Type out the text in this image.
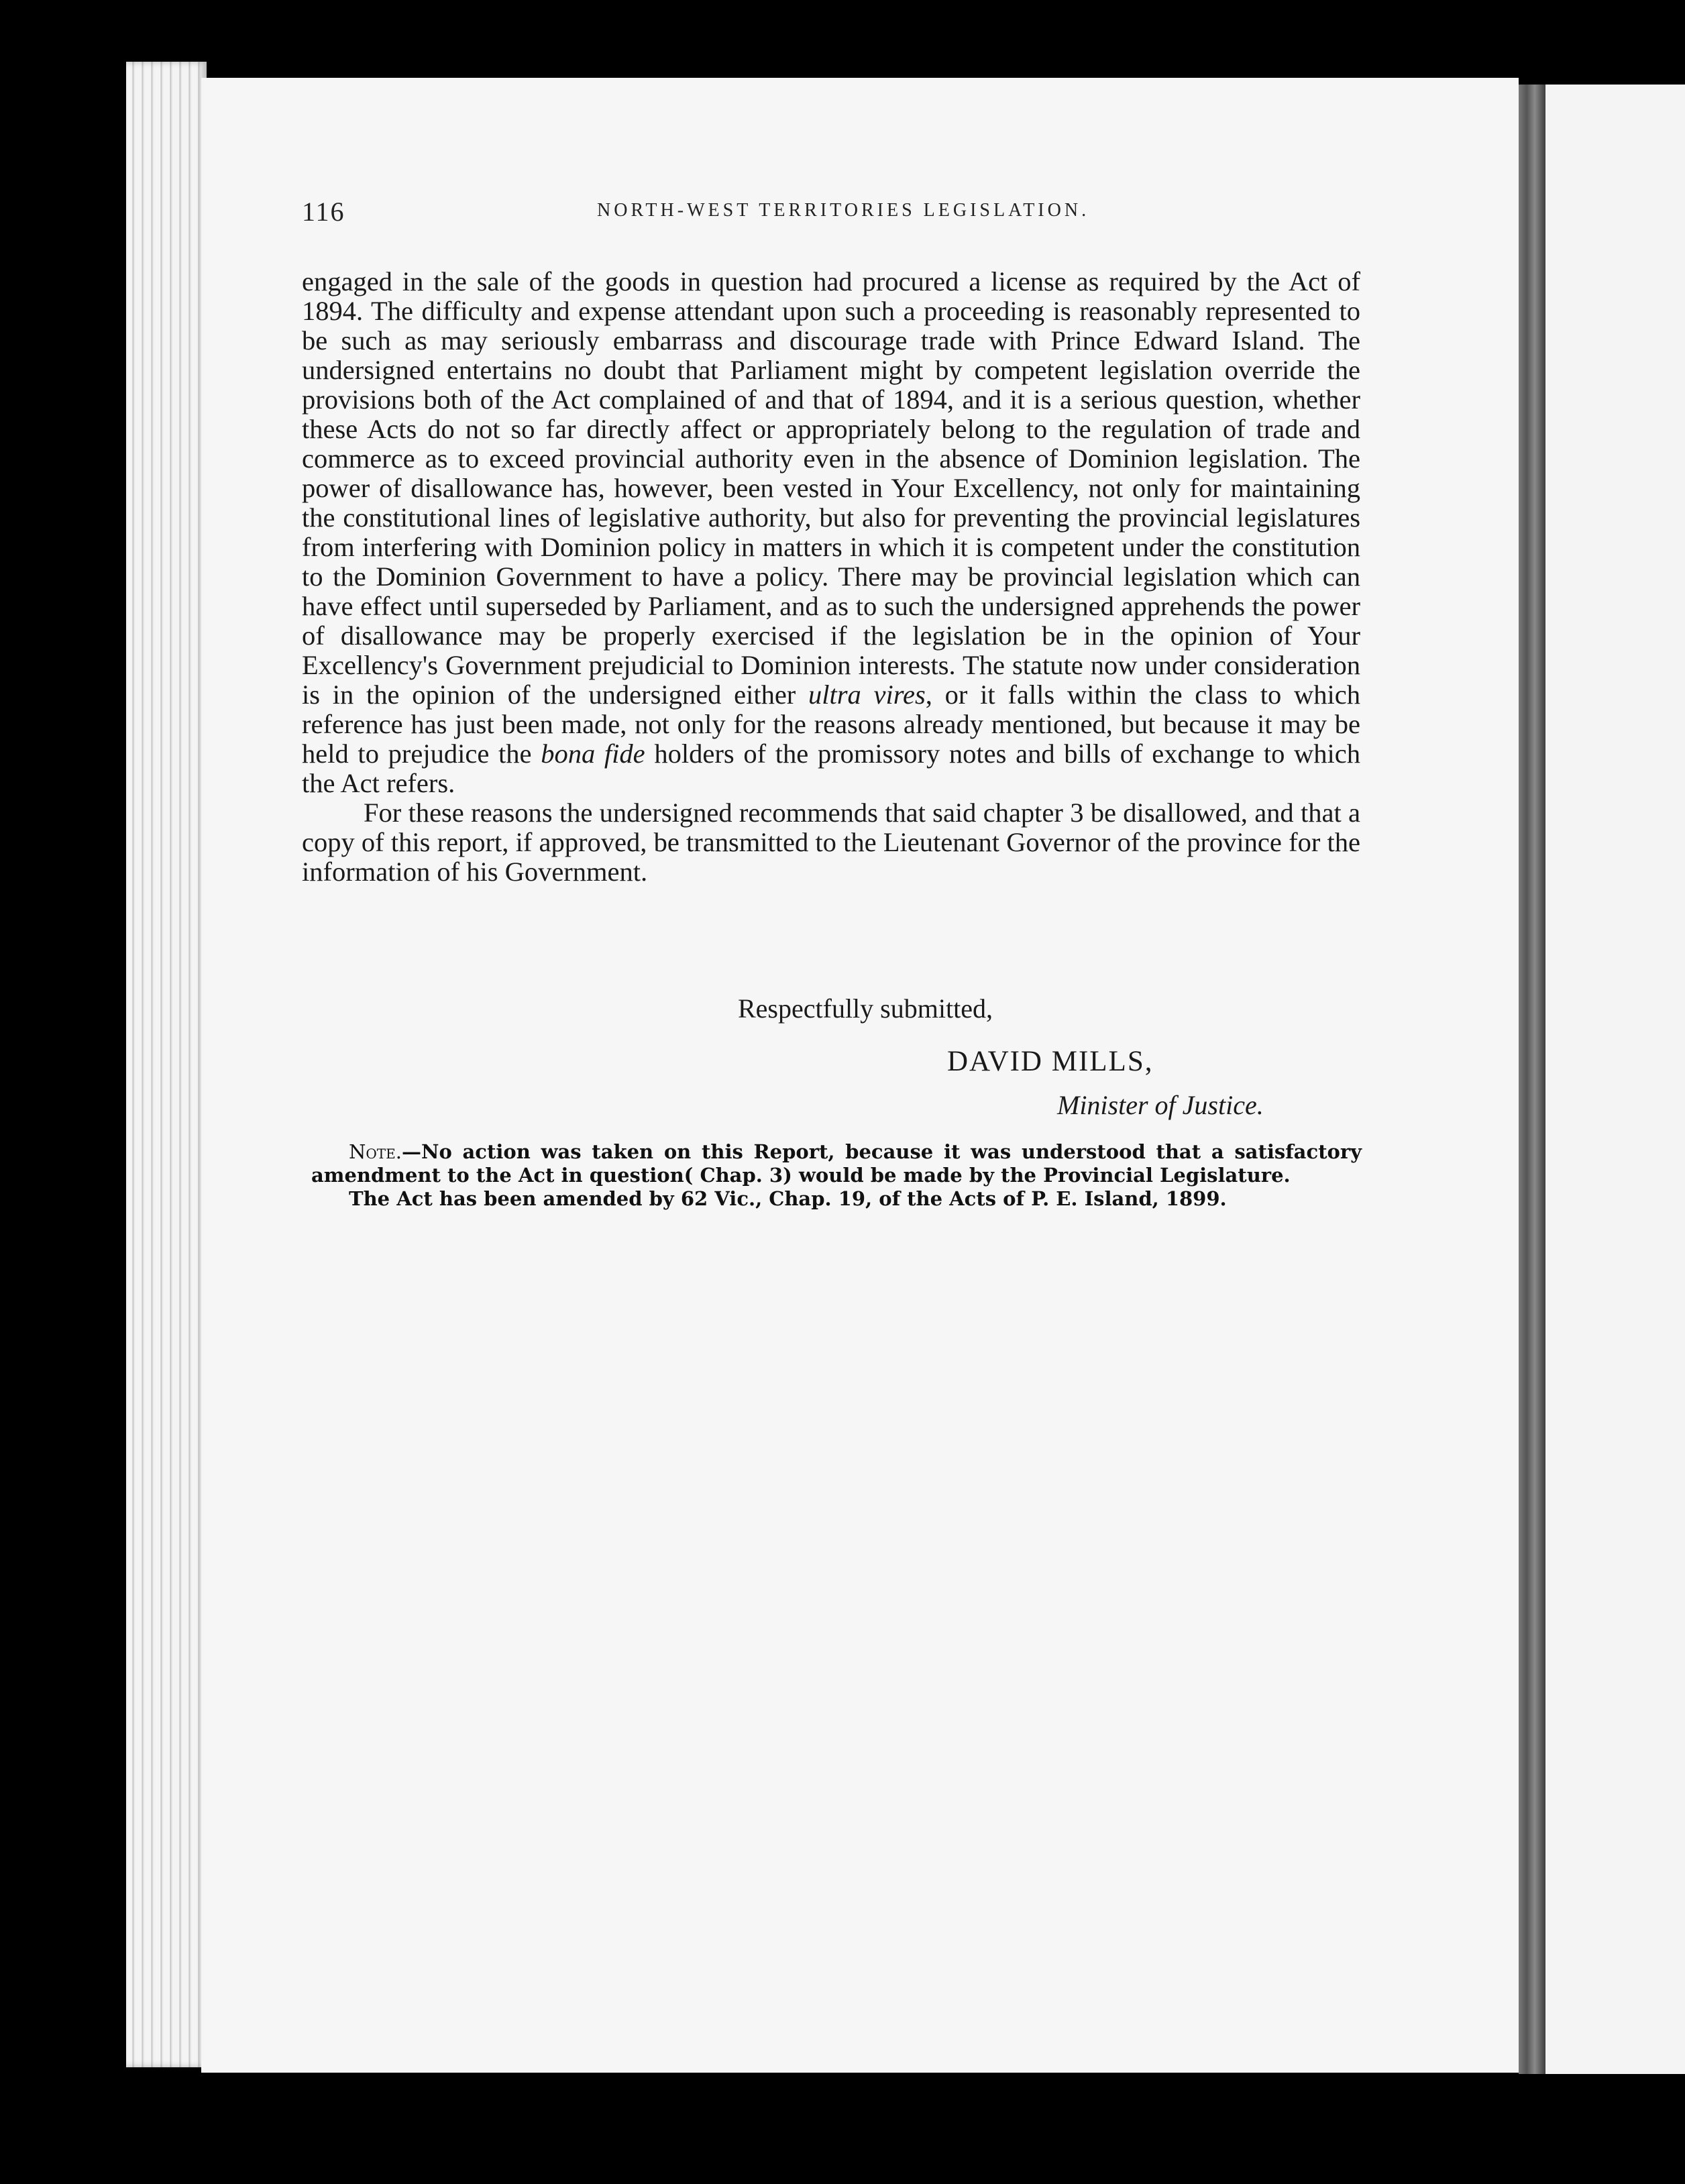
116	NORTH-WEST TERRITORIES LEGISLATION.

engaged in the sale of the goods in question had procured a license as required by the Act of 1894. The difficulty and expense attendant upon such a proceeding is reasonably represented to be such as may seriously embarrass and discourage trade with Prince Edward Island. The undersigned entertains no doubt that Parliament might by competent legislation override the provisions both of the Act complained of and that of 1894, and it is a serious question, whether these Acts do not so far directly affect or appropriately belong to the regulation of trade and commerce as to exceed provincial authority even in the absence of Dominion legislation. The power of disallowance has, however, been vested in Your Excellency, not only for maintaining the constitutional lines of legislative authority, but also for preventing the provincial legislatures from interfering with Dominion policy in matters in which it is competent under the constitution to the Dominion Government to have a policy. There may be provincial legislation which can have effect until superseded by Parliament, and as to such the undersigned apprehends the power of disallowance may be properly exercised if the legislation be in the opinion of Your Excellency's Government prejudicial to Dominion interests. The statute now under consideration is in the opinion of the undersigned either ultra vires, or it falls within the class to which reference has just been made, not only for the reasons already mentioned, but because it may be held to prejudice the bona fide holders of the promissory notes and bills of exchange to which the Act refers.

For these reasons the undersigned recommends that said chapter 3 be disallowed, and that a copy of this report, if approved, be transmitted to the Lieutenant Governor of the province for the information of his Government.

Respectfully submitted,
DAVID MILLS,
Minister of Justice.

Note.—No action was taken on this Report, because it was understood that a satisfactory amendment to the Act in question( Chap. 3) would be made by the Provincial Legislature.

The Act has been amended by 62 Vic., Chap. 19, of the Acts of P. E. Island, 1899.
